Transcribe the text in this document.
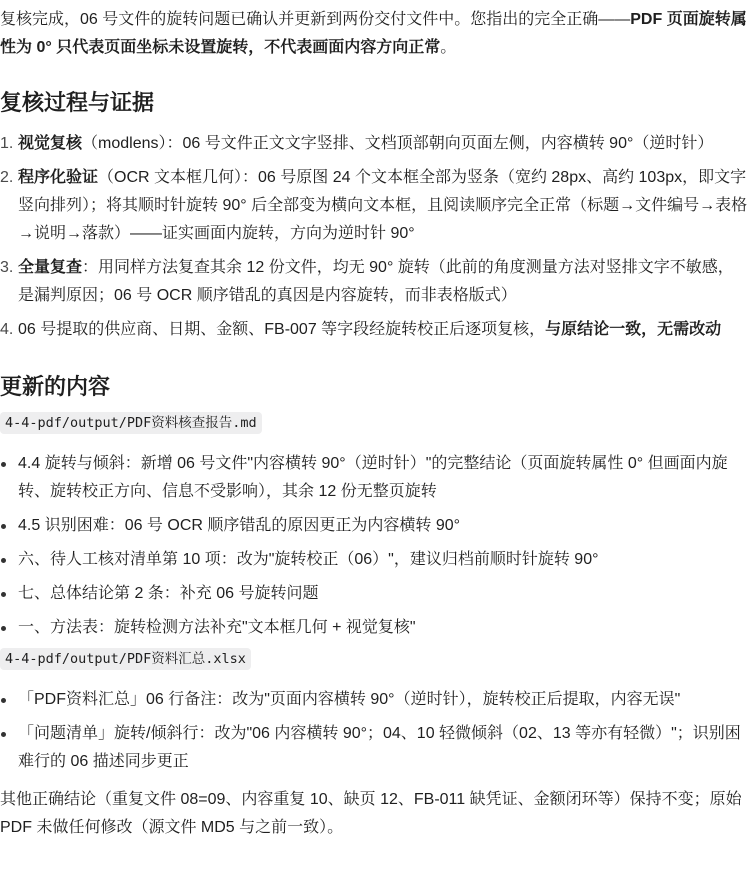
复核完成，06 号文件的旋转问题已确认并更新到两份交付文件中。您指出的完全正确——PDF 页面旋转属性为 0° 只代表页面坐标未设置旋转，不代表画面内容方向正常。

复核过程与证据
1. 视觉复核（modlens）：06 号文件正文文字竖排、文档顶部朝向页面左侧，内容横转 90°（逆时针）
2. 程序化验证（OCR 文本框几何）：06 号原图 24 个文本框全部为竖条（宽约 28px、高约 103px，即文字竖向排列）；将其顺时针旋转 90° 后全部变为横向文本框，且阅读顺序完全正常（标题→文件编号→表格→说明→落款）——证实画面内旋转，方向为逆时针 90°
3. 全量复查：用同样方法复查其余 12 份文件，均无 90° 旋转（此前的角度测量方法对竖排文字不敏感，是漏判原因；06 号 OCR 顺序错乱的真因是内容旋转，而非表格版式）
4. 06 号提取的供应商、日期、金额、FB-007 等字段经旋转校正后逐项复核，与原结论一致，无需改动
更新的内容
4-4-pdf/output/PDF资料核查报告.md
4.4 旋转与倾斜：新增 06 号文件"内容横转 90°（逆时针）"的完整结论（页面旋转属性 0° 但画面内旋转、旋转校正方向、信息不受影响），其余 12 份无整页旋转
4.5 识别困难：06 号 OCR 顺序错乱的原因更正为内容横转 90°
六、待人工核对清单第 10 项：改为"旋转校正（06）"，建议归档前顺时针旋转 90°
七、总体结论第 2 条：补充 06 号旋转问题
一、方法表：旋转检测方法补充"文本框几何 + 视觉复核"
4-4-pdf/output/PDF资料汇总.xlsx
「PDF资料汇总」06 行备注：改为"页面内容横转 90°（逆时针），旋转校正后提取，内容无误"
「问题清单」旋转/倾斜行：改为"06 内容横转 90°；04、10 轻微倾斜（02、13 等亦有轻微）"；识别困难行的 06 描述同步更正

其他正确结论（重复文件 08=09、内容重复 10、缺页 12、FB-011 缺凭证、金额闭环等）保持不变；原始 PDF 未做任何修改（源文件 MD5 与之前一致）。
